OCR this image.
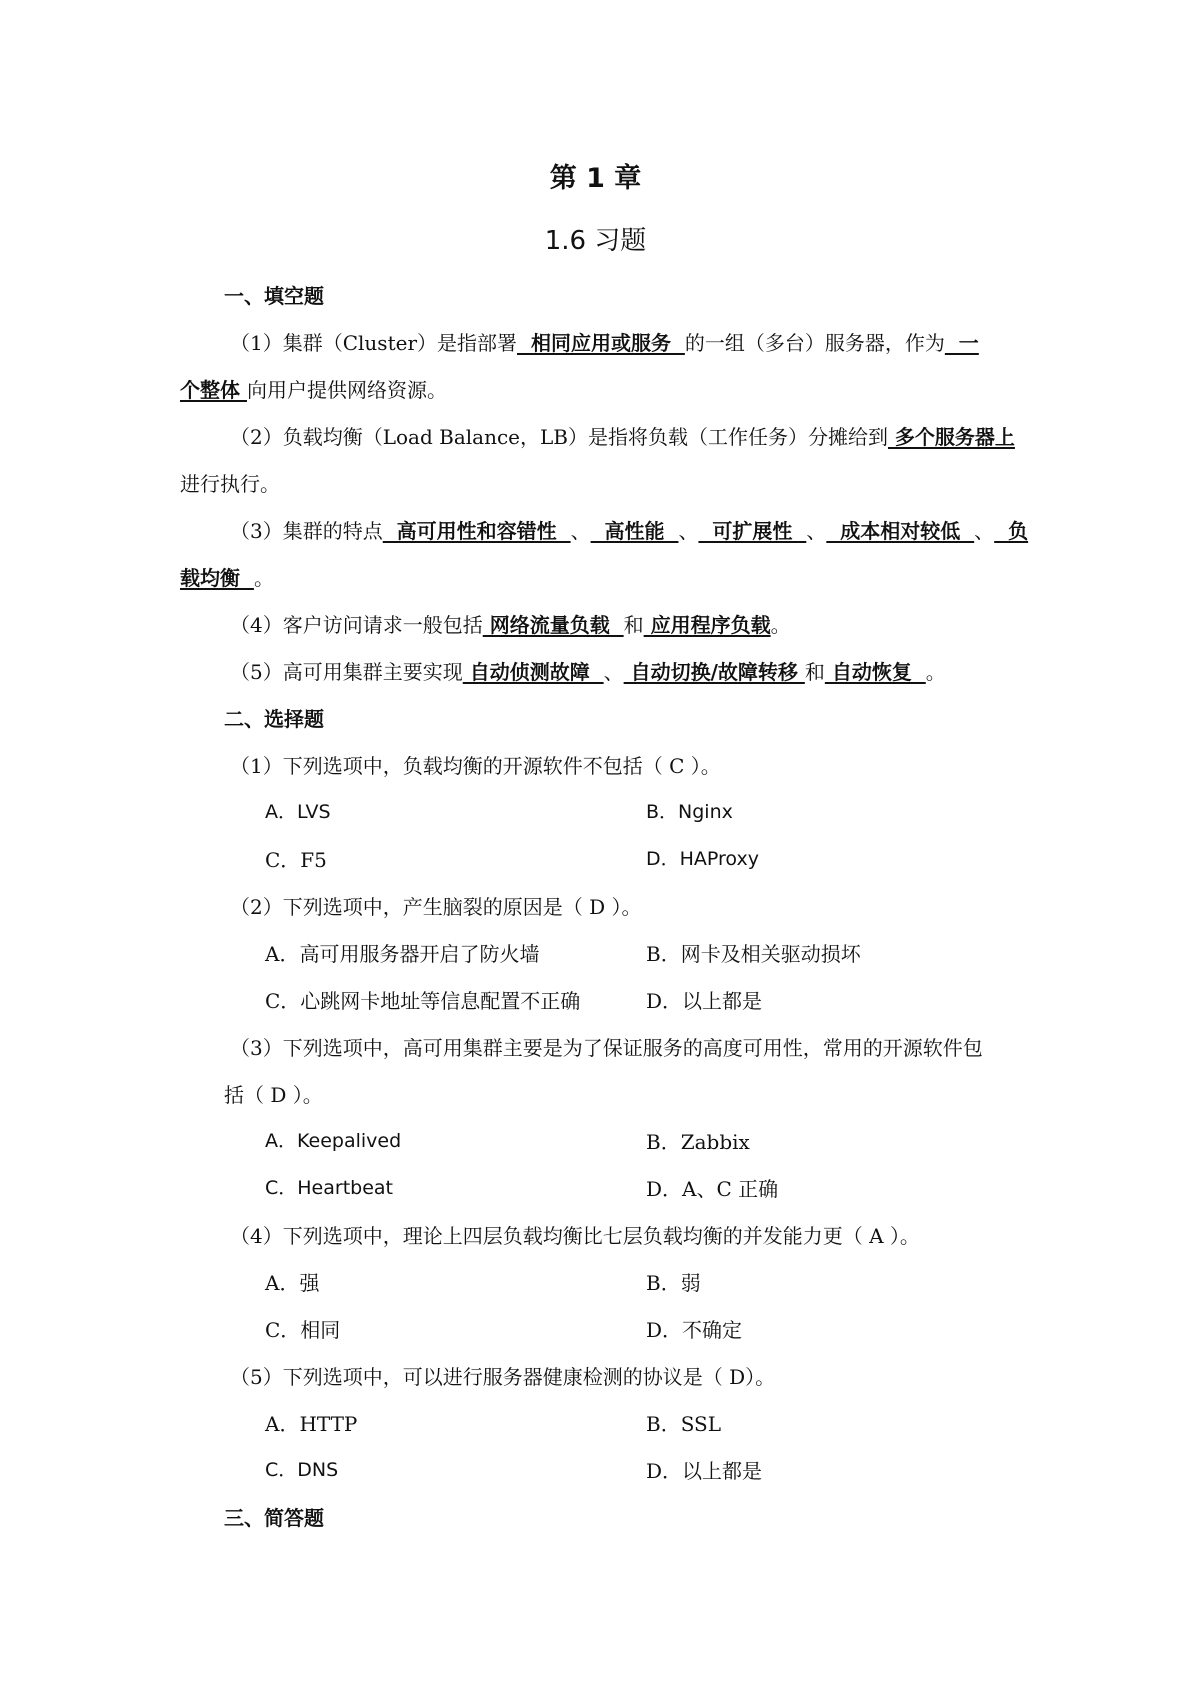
第 1 章
1.6 习题
一、填空题
（1）集群（Cluster）是指部署  相同应用或服务  的一组（多台）服务器，作为  一
个整体 向用户提供网络资源。
（2）负载均衡（Load Balance，LB）是指将负载（工作任务）分摊给到 多个服务器上
进行执行。
（3）集群的特点  高可用性和容错性  、  高性能  、  可扩展性  、  成本相对较低  、  负
载均衡  。
（4）客户访问请求一般包括 网络流量负载  和 应用程序负载。
（5）高可用集群主要实现 自动侦测故障  、 自动切换/故障转移 和 自动恢复  。
二、选择题
（1）下列选项中，负载均衡的开源软件不包括（ C ）。
A．LVS	B．Nginx
C．F5	D．HAProxy
（2）下列选项中，产生脑裂的原因是（ D ）。
A．高可用服务器开启了防火墙	B．网卡及相关驱动损坏
C．心跳网卡地址等信息配置不正确	D．以上都是
（3）下列选项中，高可用集群主要是为了保证服务的高度可用性，常用的开源软件包
括（ D ）。
A．Keepalived	B．Zabbix
C．Heartbeat	D．A、C 正确
（4）下列选项中，理论上四层负载均衡比七层负载均衡的并发能力更（ A ）。
A．强	B．弱
C．相同	D．不确定
（5）下列选项中，可以进行服务器健康检测的协议是（ D）。
A．HTTP	B．SSL
C．DNS	D．以上都是
三、简答题
